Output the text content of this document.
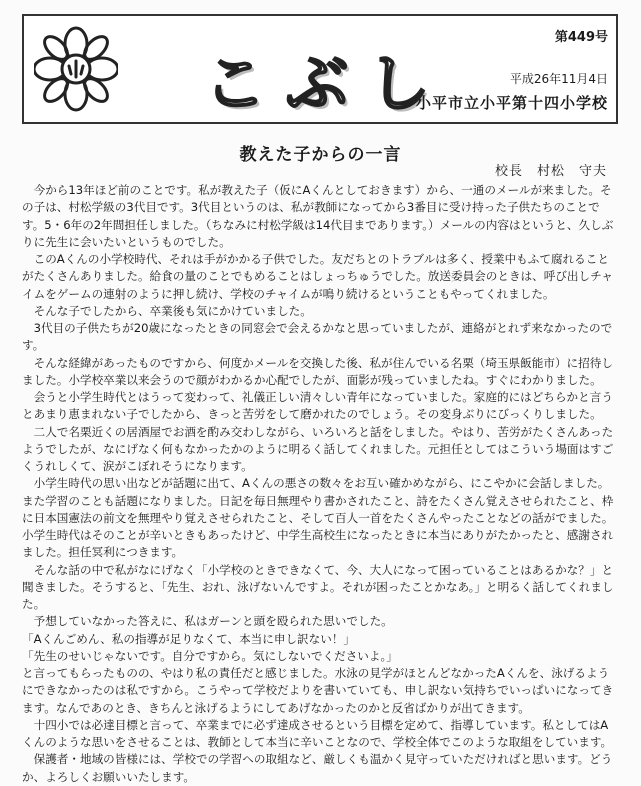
こぶし
第449号
平成26年11月4日
小平市立小平第十四小学校
教えた子からの一言
校長　村松　守夫

今から13年ほど前のことです。私が教えた子（仮にAくんとしておきます）から、一通のメールが来ました。その子は、村松学級の3代目です。3代目というのは、私が教師になってから3番目に受け持った子供たちのことです。5・6年の2年間担任しました。（ちなみに村松学級は14代目まであります。）メールの内容はというと、久しぶりに先生に会いたいというものでした。

このAくんの小学校時代、それは手がかかる子供でした。友だちとのトラブルは多く、授業中もふて腐れることがたくさんありました。給食の量のことでもめることはしょっちゅうでした。放送委員会のときは、呼び出しチャイムをゲームの連射のように押し続け、学校のチャイムが鳴り続けるということもやってくれました。

そんな子でしたから、卒業後も気にかけていました。

3代目の子供たちが20歳になったときの同窓会で会えるかなと思っていましたが、連絡がとれず来なかったのです。

そんな経緯があったものですから、何度かメールを交換した後、私が住んでいる名栗（埼玉県飯能市）に招待しました。小学校卒業以来会うので顔がわかるか心配でしたが、面影が残っていましたね。すぐにわかりました。

会うと小学生時代とはうって変わって、礼儀正しい清々しい青年になっていました。家庭的にはどちらかと言うとあまり恵まれない子でしたから、きっと苦労をして磨かれたのでしょう。その変身ぶりにびっくりしました。

二人で名栗近くの居酒屋でお酒を酌み交わしながら、いろいろと話をしました。やはり、苦労がたくさんあったようでしたが、なにげなく何もなかったかのように明るく話してくれました。元担任としてはこういう場面はすごくうれしくて、涙がこぼれそうになります。

小学生時代の思い出などが話題に出て、Aくんの悪さの数々をお互い確かめながら、にこやかに会話しました。また学習のことも話題になりました。日記を毎日無理やり書かされたこと、詩をたくさん覚えさせられたこと、枠に日本国憲法の前文を無理やり覚えさせられたこと、そして百人一首をたくさんやったことなどの話がでました。小学生時代はそのことが辛いときもあったけど、中学生高校生になったときに本当にありがたかったと、感謝されました。担任冥利につきます。

そんな話の中で私がなにげなく「小学校のときできなくて、今、大人になって困っていることはあるかな？」と聞きました。そうすると、「先生、おれ、泳げないんですよ。それが困ったことかなあ。」と明るく話してくれました。

予想していなかった答えに、私はガーンと頭を殴られた思いでした。

「Aくんごめん、私の指導が足りなくて、本当に申し訳ない！」

「先生のせいじゃないです。自分ですから。気にしないでくださいよ。」

と言ってもらったものの、やはり私の責任だと感じました。水泳の見学がほとんどなかったAくんを、泳げるようにできなかったのは私ですから。こうやって学校だよりを書いていても、申し訳ない気持ちでいっぱいになってきます。なんであのとき、きちんと泳げるようにしてあげなかったのかと反省ばかりが出てきます。

十四小では必達目標と言って、卒業までに必ず達成させるという目標を定めて、指導しています。私としてはAくんのような思いをさせることは、教師として本当に辛いことなので、学校全体でこのような取組をしています。

保護者・地域の皆様には、学校での学習への取組など、厳しくも温かく見守っていただければと思います。どうか、よろしくお願いいたします。
